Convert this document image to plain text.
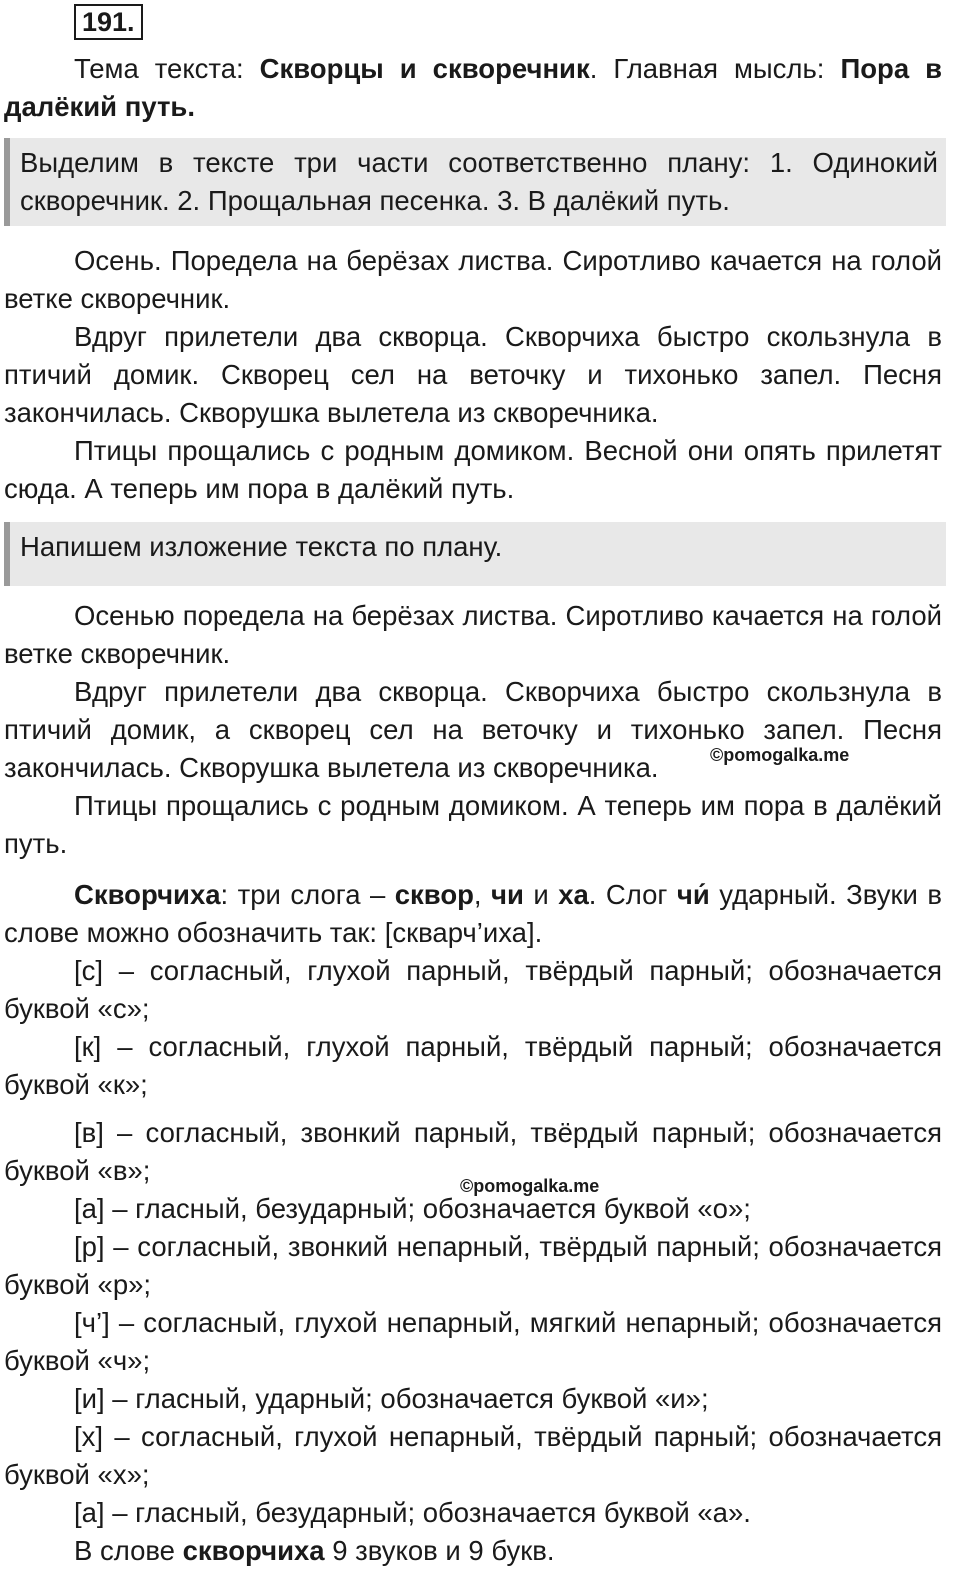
191.

Тема текста: Скворцы и скворечник. Главная мысль: Пора в далёкий путь.

Выделим в тексте три части соответственно плану: 1. Одинокий скворечник. 2. Прощальная песенка. 3. В далёкий путь.

Осень. Поредела на берёзах листва. Сиротливо качается на голой ветке скворечник.

Вдруг прилетели два скворца. Скворчиха быстро скользнула в птичий домик. Скворец сел на веточку и тихонько запел. Песня закончилась. Скворушка вылетела из скворечника.

Птицы прощались с родным домиком. Весной они опять прилетят сюда. А теперь им пора в далёкий путь.

Напишем изложение текста по плану.

Осенью поредела на берёзах листва. Сиротливо качается на голой ветке скворечник.

Вдруг прилетели два скворца. Скворчиха быстро скользнула в птичий домик, а скворец сел на веточку и тихонько запел. Песня закончилась. Скворушка вылетела из скворечника.

Птицы прощались с родным домиком. А теперь им пора в далёкий путь.

©pomogalka.me

Скворчиха: три слога – сквор, чи и ха. Слог чи́ ударный. Звуки в слове можно обозначить так: [скварч’иха].

[с] – согласный, глухой парный, твёрдый парный; обозначается буквой «с»;

[к] – согласный, глухой парный, твёрдый парный; обозначается буквой «к»;

[в] – согласный, звонкий парный, твёрдый парный; обозначается буквой «в»;

[а] – гласный, безударный; обозначается буквой «о»;

[р] – согласный, звонкий непарный, твёрдый парный; обозначается буквой «р»;

[ч’] – согласный, глухой непарный, мягкий непарный; обозначается буквой «ч»;

[и] – гласный, ударный; обозначается буквой «и»;

[х] – согласный, глухой непарный, твёрдый парный; обозначается буквой «х»;

[а] – гласный, безударный; обозначается буквой «а».

В слове скворчиха 9 звуков и 9 букв.

©pomogalka.me
